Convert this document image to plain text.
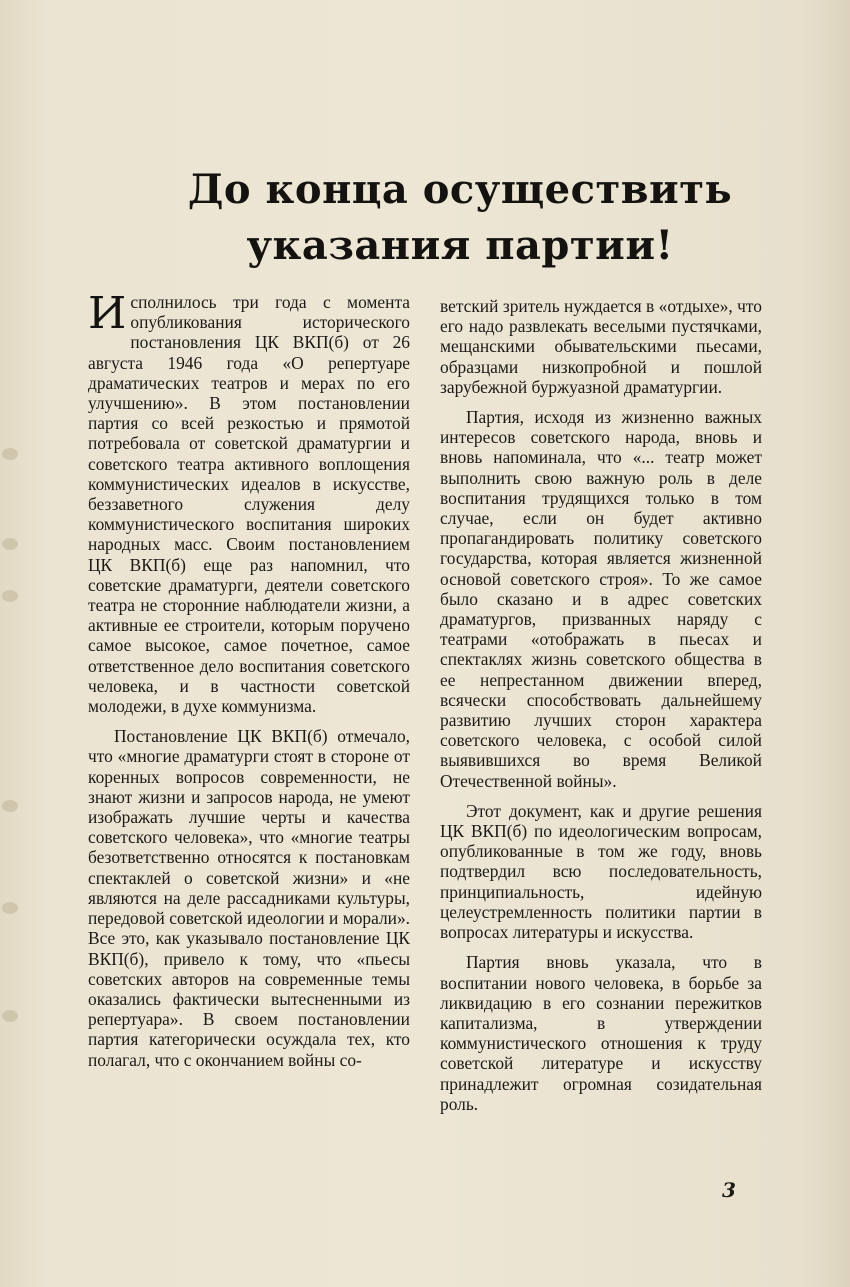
До конца осуществить
указания партии!

Исполнилось три года с момента опубликования исторического постановления ЦК ВКП(б) от 26 августа 1946 года «О репертуаре драматических театров и мерах по его улучшению». В этом постановлении партия со всей резкостью и прямотой потребовала от советской драматургии и советского театра активного воплощения коммунистических идеалов в искусстве, беззаветного служения делу коммунистического воспитания широких народных масс. Своим постановлением ЦК ВКП(б) еще раз напомнил, что советские драматурги, деятели советского театра не сторонние наблюдатели жизни, а активные ее строители, которым поручено самое высокое, самое почетное, самое ответственное дело воспитания советского человека, и в частности советской молодежи, в духе коммунизма.

Постановление ЦК ВКП(б) отмечало, что «многие драматурги стоят в стороне от коренных вопросов современности, не знают жизни и запросов народа, не умеют изображать лучшие черты и качества советского человека», что «многие театры безответственно относятся к постановкам спектаклей о советской жизни» и «не являются на деле рассадниками культуры, передовой советской идеологии и морали». Все это, как указывало постановление ЦК ВКП(б), привело к тому, что «пьесы советских авторов на современные темы оказались фактически вытесненными из репертуара». В своем постановлении партия категорически осуждала тех, кто полагал, что с окончанием войны со-

ветский зритель нуждается в «отдыхе», что его надо развлекать веселыми пустячками, мещанскими обывательскими пьесами, образцами низкопробной и пошлой зарубежной буржуазной драматургии.

Партия, исходя из жизненно важных интересов советского народа, вновь и вновь напоминала, что «... театр может выполнить свою важную роль в деле воспитания трудящихся только в том случае, если он будет активно пропагандировать политику советского государства, которая является жизненной основой советского строя». То же самое было сказано и в адрес советских драматургов, призванных наряду с театрами «отображать в пьесах и спектаклях жизнь советского общества в ее непрестанном движении вперед, всячески способствовать дальнейшему развитию лучших сторон характера советского человека, с особой силой выявившихся во время Великой Отечественной войны».

Этот документ, как и другие решения ЦК ВКП(б) по идеологическим вопросам, опубликованные в том же году, вновь подтвердил всю последовательность, принципиальность, идейную целеустремленность политики партии в вопросах литературы и искусства.

Партия вновь указала, что в воспитании нового человека, в борьбе за ликвидацию в его сознании пережитков капитализма, в утверждении коммунистического отношения к труду советской литературе и искусству принадлежит огромная созидательная роль.

3
